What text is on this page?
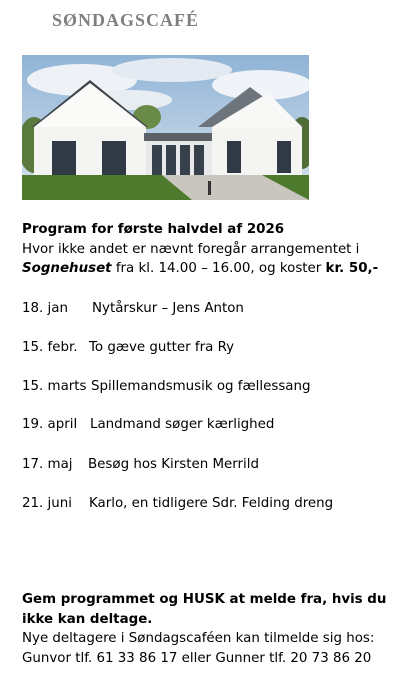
SØNDAGSCAFÉ
Program for første halvdel af 2026
Hvor ikke andet er nævnt foregår arrangementet i
Sognehuset fra kl. 14.00 – 16.00, og koster kr. 50,-
18. jan Nytårskur – Jens Anton
15. febr. To gæve gutter fra Ry
15. marts Spillemandsmusik og fællessang
19. april Landmand søger kærlighed
17. maj Besøg hos Kirsten Merrild
21. juni Karlo, en tidligere Sdr. Felding dreng
Gem programmet og HUSK at melde fra, hvis du ikke kan deltage.
Nye deltagere i Søndagscaféen kan tilmelde sig hos:
Gunvor tlf. 61 33 86 17 eller Gunner tlf. 20 73 86 20
